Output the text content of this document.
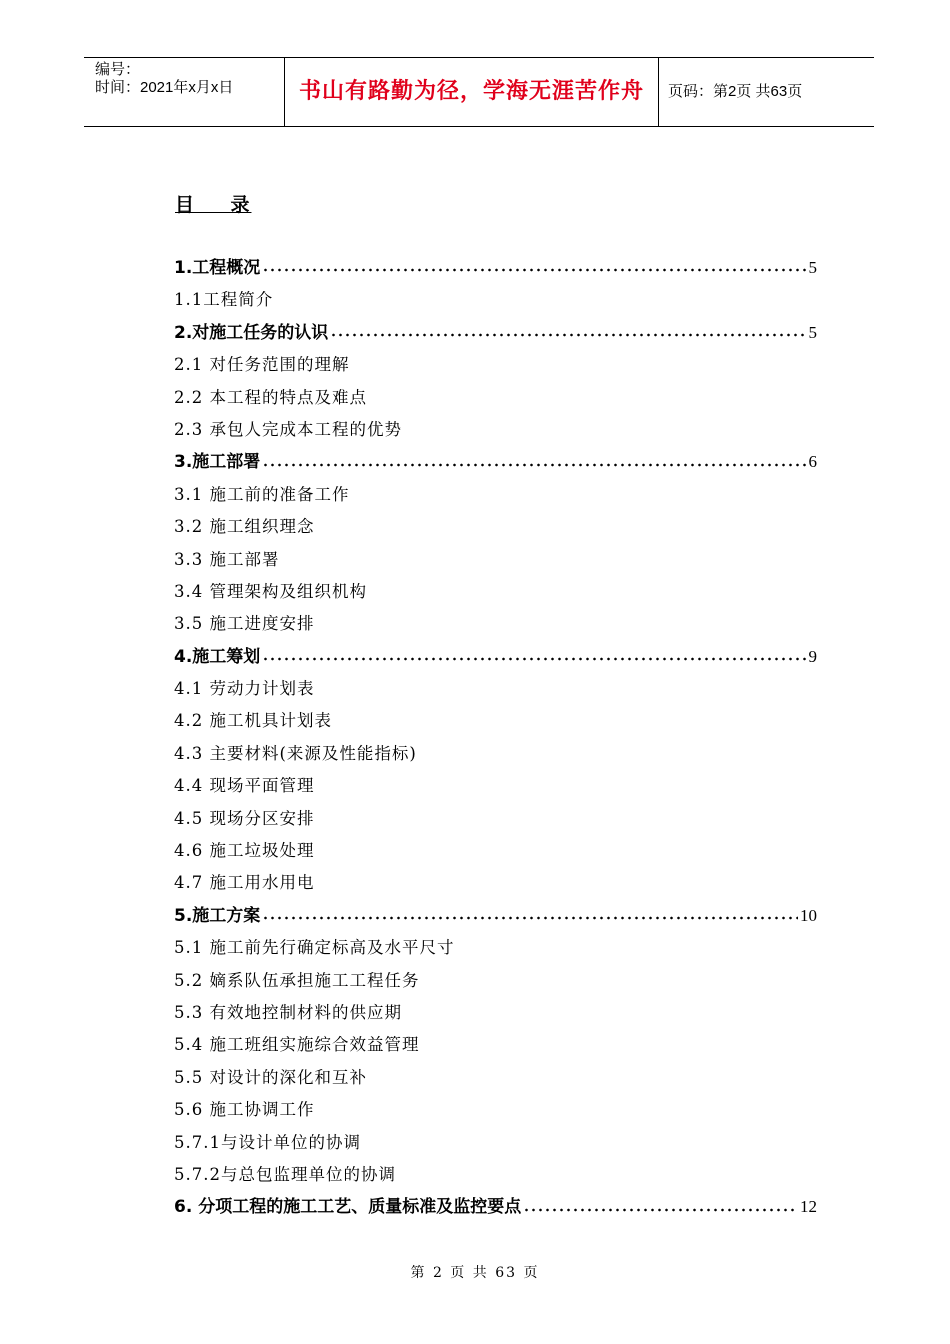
编号：
时间：2021年x月x日	书山有路勤为径，学海无涯苦作舟	页码：第2页 共63页
目    录
1.工程概况	5
1.1工程简介
2.对施工任务的认识	5
2.1 对任务范围的理解
2.2 本工程的特点及难点
2.3 承包人完成本工程的优势
3.施工部署	6
3.1 施工前的准备工作
3.2 施工组织理念
3.3 施工部署
3.4 管理架构及组织机构
3.5 施工进度安排
4.施工筹划	9
4.1 劳动力计划表
4.2 施工机具计划表
4.3 主要材料(来源及性能指标)
4.4 现场平面管理
4.5 现场分区安排
4.6 施工垃圾处理
4.7 施工用水用电
5.施工方案	10
5.1 施工前先行确定标高及水平尺寸
5.2 嫡系队伍承担施工工程任务
5.3 有效地控制材料的供应期
5.4 施工班组实施综合效益管理
5.5 对设计的深化和互补
5.6 施工协调工作
5.7.1与设计单位的协调
5.7.2与总包监理单位的协调
6. 分项工程的施工工艺、质量标准及监控要点	12
第 2 页 共 63 页
